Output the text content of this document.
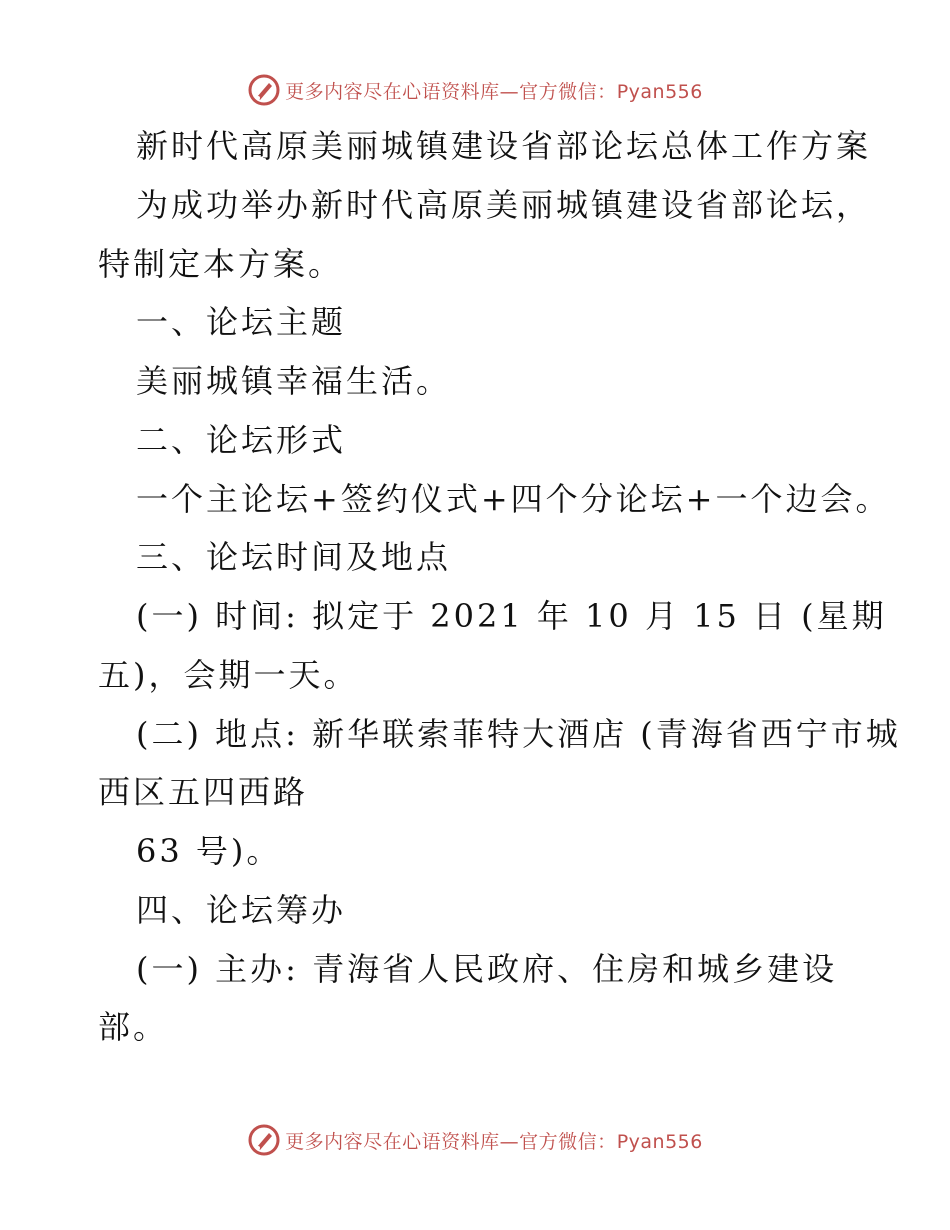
更多内容尽在心语资料库—官方微信：Pyan556
新时代高原美丽城镇建设省部论坛总体工作方案
为成功举办新时代高原美丽城镇建设省部论坛，
特制定本方案。
一、论坛主题
美丽城镇幸福生活。
二、论坛形式
一个主论坛+签约仪式+四个分论坛+一个边会。
三、论坛时间及地点
(一) 时间: 拟定于 2021 年 10 月 15 日 (星期
五)，会期一天。
(二) 地点: 新华联索菲特大酒店 (青海省西宁市城
西区五四西路
63 号)。
四、论坛筹办
(一) 主办: 青海省人民政府、住房和城乡建设
部。
更多内容尽在心语资料库—官方微信：Pyan556
